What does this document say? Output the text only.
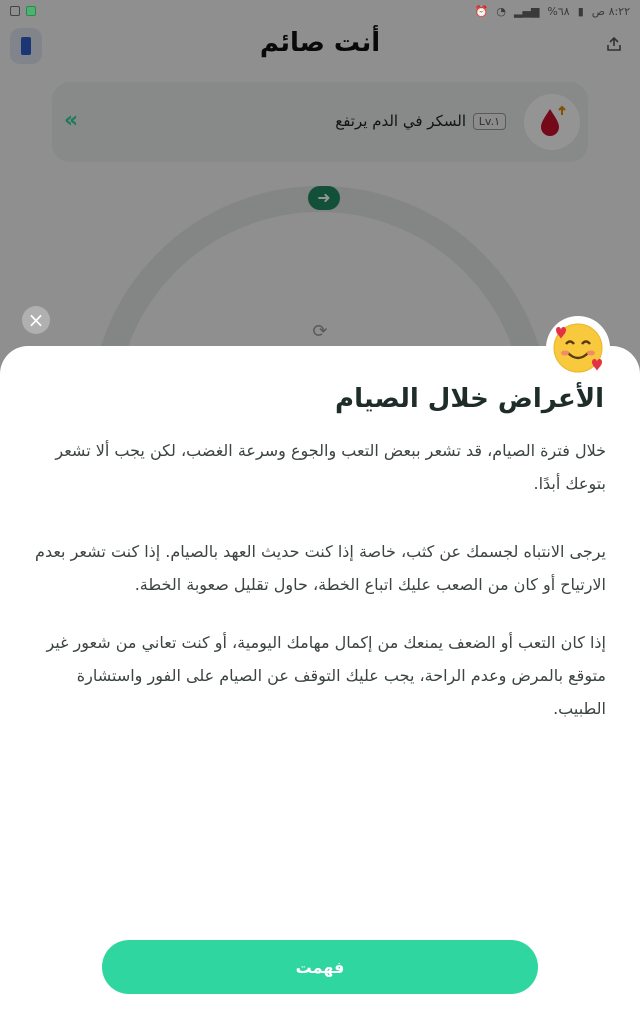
أنت صائم
‹‹	Lv.١
السكر في الدم يرتفع
➜
⟳
⏰ ◔ ▂▄▆ %٦٨ ▮ ٨:٢٢ ص
×
الأعراض خلال الصيام
خلال فترة الصيام، قد تشعر ببعض التعب والجوع وسرعة الغضب، لكن يجب ألا تشعر بتوعك أبدًا.
يرجى الانتباه لجسمك عن كثب، خاصة إذا كنت حديث العهد بالصيام. إذا كنت تشعر بعدم الارتياح أو كان من الصعب عليك اتباع الخطة، حاول تقليل صعوبة الخطة.
إذا كان التعب أو الضعف يمنعك من إكمال مهامك اليومية، أو كنت تعاني من شعور غير متوقع بالمرض وعدم الراحة، يجب عليك التوقف عن الصيام على الفور واستشارة الطبيب.
فهمت
